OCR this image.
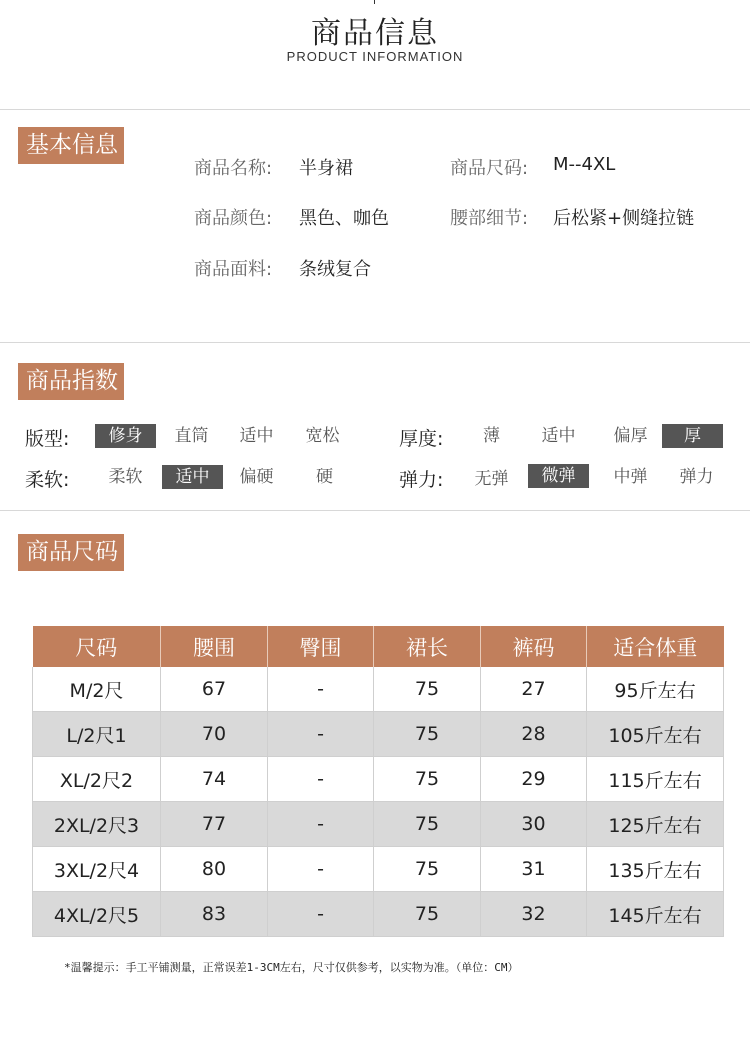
商品信息
PRODUCT INFORMATION
基本信息
商品名称: 半身裙	商品尺码: M--4XL
商品颜色: 黑色、咖色	腰部细节: 后松紧+侧缝拉链
商品面料: 条绒复合
商品指数
版型:	修身	直筒	适中	宽松	厚度:	薄	适中	偏厚	厚
柔软:	柔软	适中	偏硬	硬	弹力:	无弹	微弹	中弹	弹力
商品尺码
尺码	腰围	臀围	裙长	裤码	适合体重
M/2尺	67	-	75	27	95斤左右
L/2尺1	70	-	75	28	105斤左右
XL/2尺2	74	-	75	29	115斤左右
2XL/2尺3	77	-	75	30	125斤左右
3XL/2尺4	80	-	75	31	135斤左右
4XL/2尺5	83	-	75	32	145斤左右
*温馨提示：手工平铺测量，正常误差1-3CM左右，尺寸仅供参考，以实物为准。（单位：CM）
